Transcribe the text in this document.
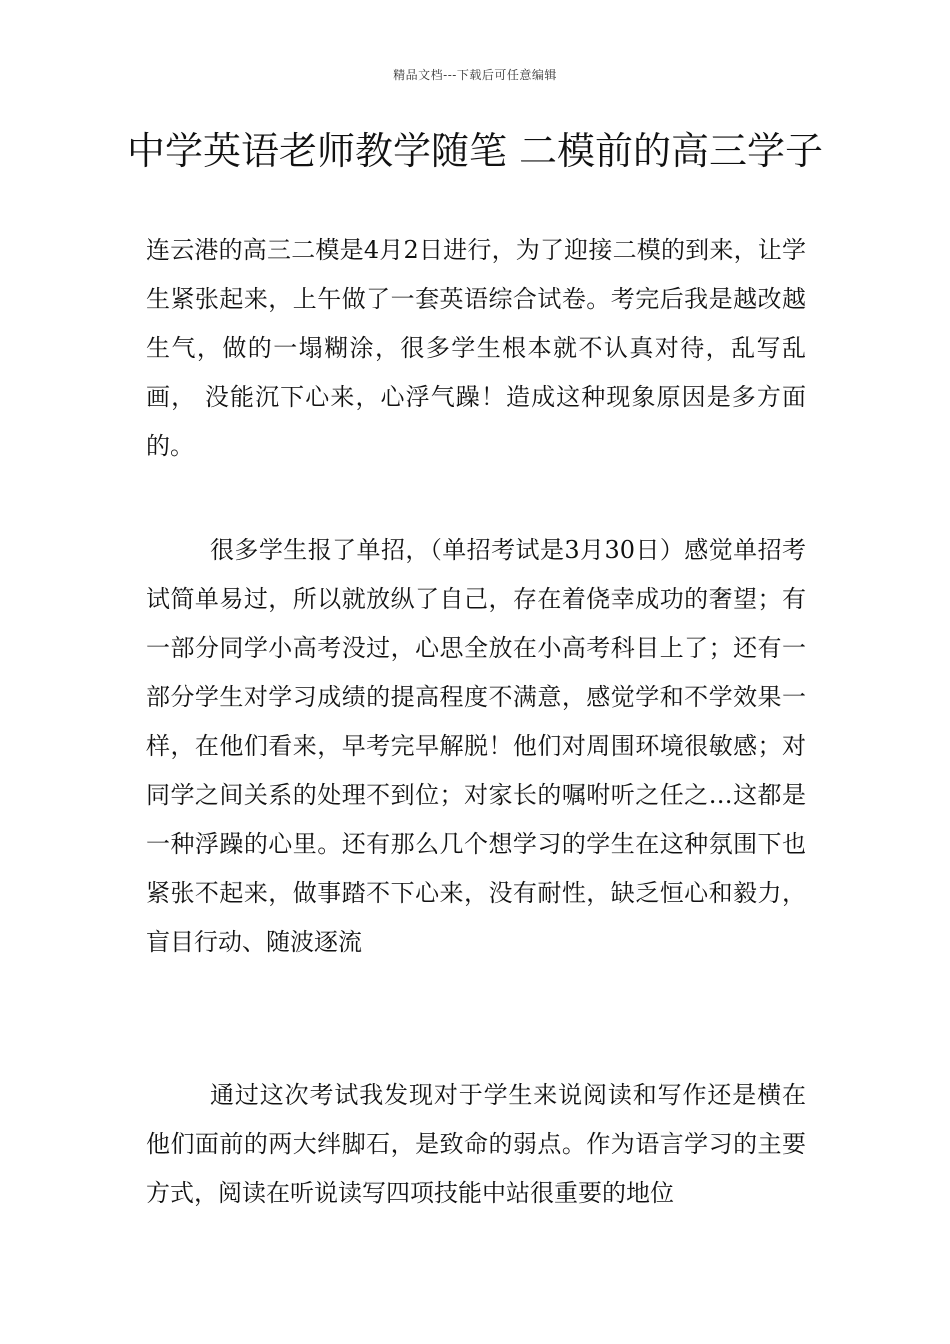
精品文档---下载后可任意编辑
中学英语老师教学随笔 二模前的高三学子

连云港的高三二模是4月2日进行，为了迎接二模的到来，让学生紧张起来，上午做了一套英语综合试卷。考完后我是越改越生气，做的一塌糊涂，很多学生根本就不认真对待，乱写乱画， 没能沉下心来，心浮气躁！造成这种现象原因是多方面的。

很多学生报了单招，（单招考试是3月30日）感觉单招考试简单易过，所以就放纵了自己，存在着侥幸成功的奢望；有一部分同学小高考没过，心思全放在小高考科目上了；还有一部分学生对学习成绩的提高程度不满意，感觉学和不学效果一样，在他们看来，早考完早解脱！他们对周围环境很敏感；对同学之间关系的处理不到位；对家长的嘱咐听之任之…这都是一种浮躁的心里。还有那么几个想学习的学生在这种氛围下也紧张不起来，做事踏不下心来，没有耐性，缺乏恒心和毅力，盲目行动、随波逐流

通过这次考试我发现对于学生来说阅读和写作还是横在他们面前的两大绊脚石，是致命的弱点。作为语言学习的主要方式，阅读在听说读写四项技能中站很重要的地位
